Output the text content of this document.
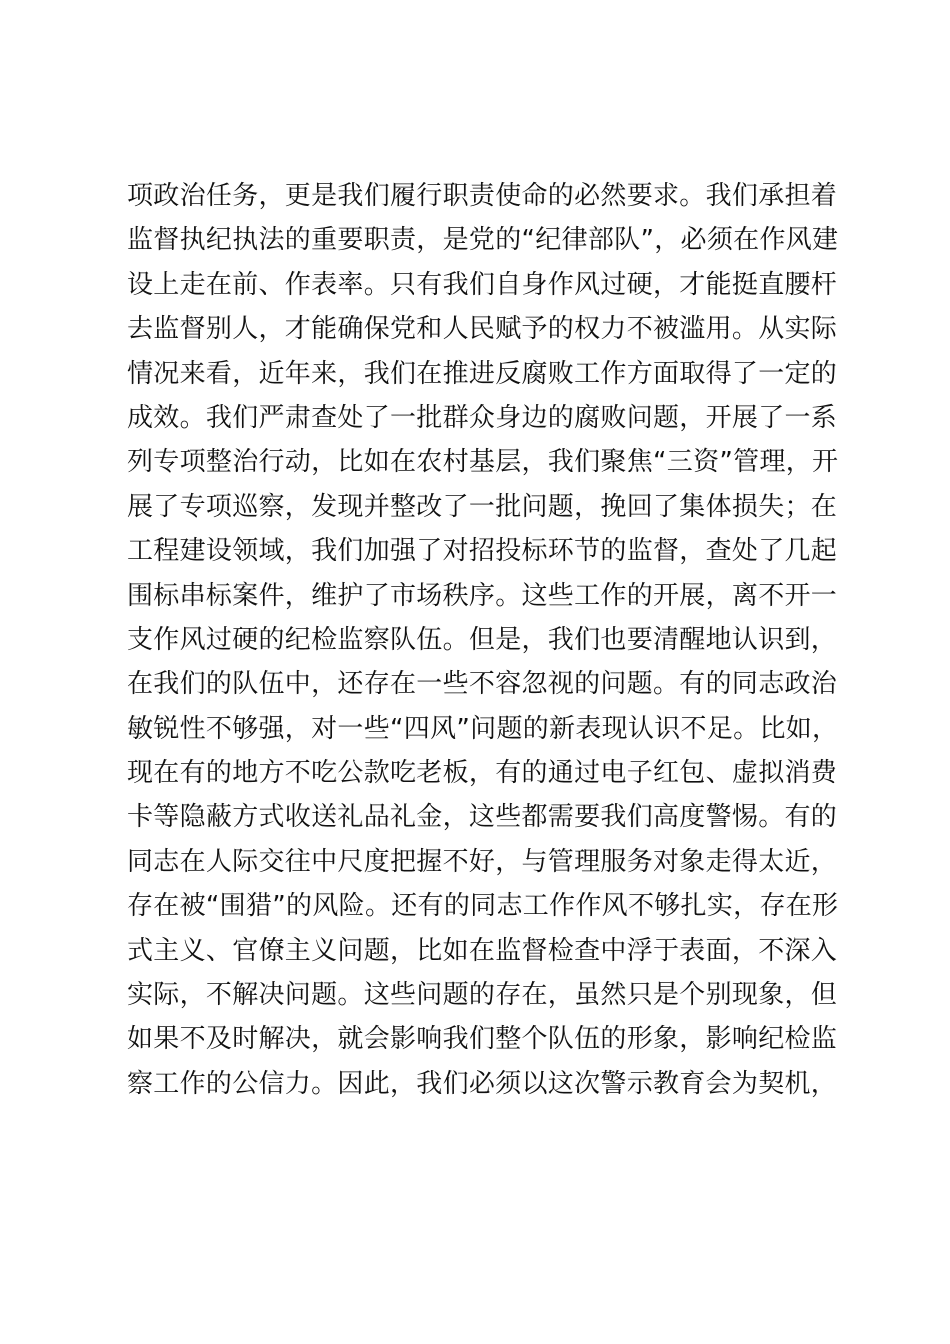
项政治任务，更是我们履行职责使命的必然要求。我们承担着
监督执纪执法的重要职责，是党的“纪律部队”，必须在作风建
设上走在前、作表率。只有我们自身作风过硬，才能挺直腰杆
去监督别人，才能确保党和人民赋予的权力不被滥用。从实际
情况来看，近年来，我们在推进反腐败工作方面取得了一定的
成效。我们严肃查处了一批群众身边的腐败问题，开展了一系
列专项整治行动，比如在农村基层，我们聚焦“三资”管理，开
展了专项巡察，发现并整改了一批问题，挽回了集体损失；在
工程建设领域，我们加强了对招投标环节的监督，查处了几起
围标串标案件，维护了市场秩序。这些工作的开展，离不开一
支作风过硬的纪检监察队伍。但是，我们也要清醒地认识到，
在我们的队伍中，还存在一些不容忽视的问题。有的同志政治
敏锐性不够强，对一些“四风”问题的新表现认识不足。比如，
现在有的地方不吃公款吃老板，有的通过电子红包、虚拟消费
卡等隐蔽方式收送礼品礼金，这些都需要我们高度警惕。有的
同志在人际交往中尺度把握不好，与管理服务对象走得太近，
存在被“围猎”的风险。还有的同志工作作风不够扎实，存在形
式主义、官僚主义问题，比如在监督检查中浮于表面，不深入
实际，不解决问题。这些问题的存在，虽然只是个别现象，但
如果不及时解决，就会影响我们整个队伍的形象，影响纪检监
察工作的公信力。因此，我们必须以这次警示教育会为契机，
